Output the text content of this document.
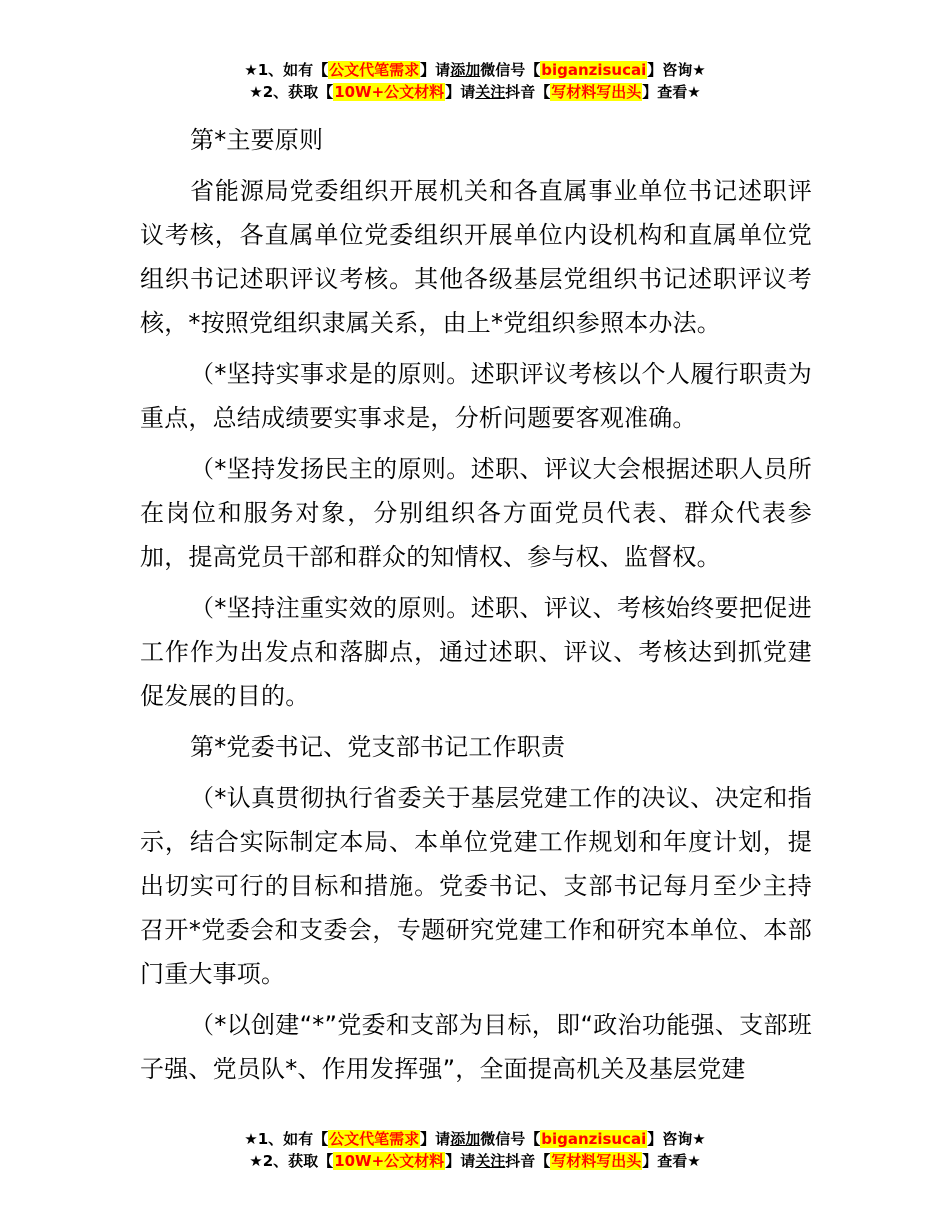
★1、如有【公文代笔需求】请添加微信号【biganzisucai】咨询★
★2、获取【10W+公文材料】请关注抖音【写材料写出头】查看★

第*主要原则

省能源局党委组织开展机关和各直属事业单位书记述职评议考核，各直属单位党委组织开展单位内设机构和直属单位党组织书记述职评议考核。其他各级基层党组织书记述职评议考核，*按照党组织隶属关系，由上*党组织参照本办法。

（*坚持实事求是的原则。述职评议考核以个人履行职责为重点，总结成绩要实事求是，分析问题要客观准确。

（*坚持发扬民主的原则。述职、评议大会根据述职人员所在岗位和服务对象，分别组织各方面党员代表、群众代表参加，提高党员干部和群众的知情权、参与权、监督权。

（*坚持注重实效的原则。述职、评议、考核始终要把促进工作作为出发点和落脚点，通过述职、评议、考核达到抓党建促发展的目的。

第*党委书记、党支部书记工作职责

（*认真贯彻执行省委关于基层党建工作的决议、决定和指示，结合实际制定本局、本单位党建工作规划和年度计划，提出切实可行的目标和措施。党委书记、支部书记每月至少主持召开*党委会和支委会，专题研究党建工作和研究本单位、本部门重大事项。

（*以创建“*”党委和支部为目标，即“政治功能强、支部班子强、党员队*、作用发挥强”，全面提高机关及基层党建

★1、如有【公文代笔需求】请添加微信号【biganzisucai】咨询★
★2、获取【10W+公文材料】请关注抖音【写材料写出头】查看★
